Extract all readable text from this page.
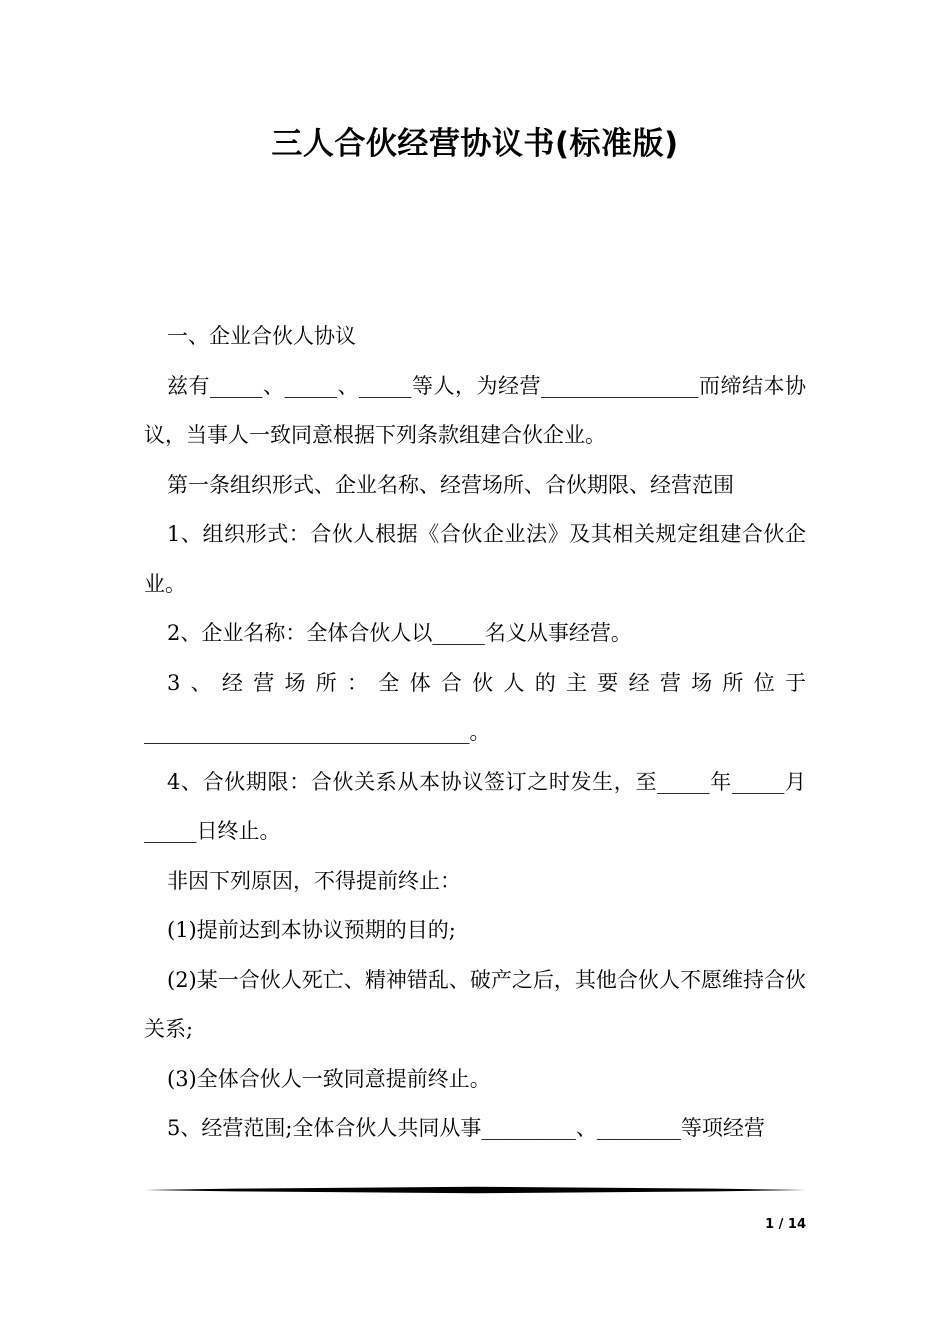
三人合伙经营协议书(标准版)

一、企业合伙人协议

兹有_____、_____、_____等人，为经营_______________而缔结本协议，当事人一致同意根据下列条款组建合伙企业。

第一条组织形式、企业名称、经营场所、合伙期限、经营范围

1、组织形式：合伙人根据《合伙企业法》及其相关规定组建合伙企业。

2、企业名称：全体合伙人以_____名义从事经营。

3、经营场所：全体合伙人的主要经营场所位于

_______________________________。

4、合伙期限：合伙关系从本协议签订之时发生，至_____年_____月_____日终止。

非因下列原因，不得提前终止：

(1)提前达到本协议预期的目的;

(2)某一合伙人死亡、精神错乱、破产之后，其他合伙人不愿维持合伙关系;

(3)全体合伙人一致同意提前终止。

5、经营范围;全体合伙人共同从事_________、________等项经营

1 / 14
